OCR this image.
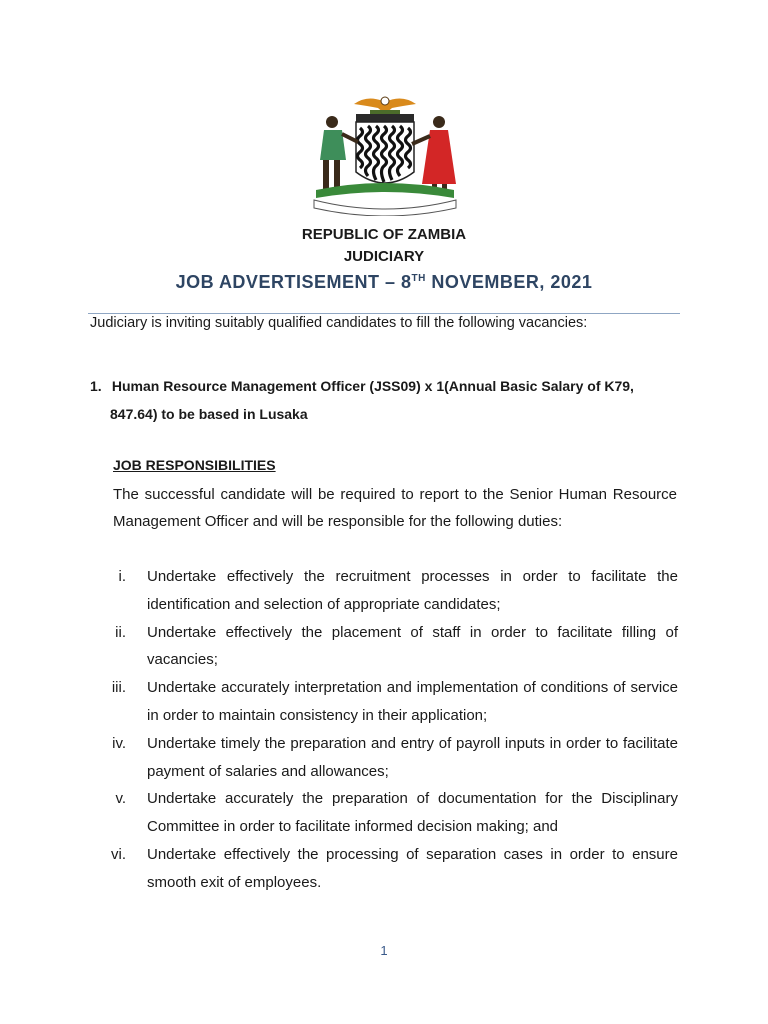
REPUBLIC OF ZAMBIA
JUDICIARY
JOB ADVERTISEMENT – 8TH NOVEMBER, 2021
Judiciary is inviting suitably qualified candidates to fill the following vacancies:
1. Human Resource Management Officer (JSS09) x 1(Annual Basic Salary of K79,
847.64) to be based in Lusaka
JOB RESPONSIBILITIES
The successful candidate will be required to report to the Senior Human Resource Management Officer and will be responsible for the following duties:
i. Undertake effectively the recruitment processes in order to facilitate the identification and selection of appropriate candidates;
ii. Undertake effectively the placement of staff in order to facilitate filling of vacancies;
iii. Undertake accurately interpretation and implementation of conditions of service in order to maintain consistency in their application;
iv. Undertake timely the preparation and entry of payroll inputs in order to facilitate payment of salaries and allowances;
v. Undertake accurately the preparation of documentation for the Disciplinary Committee in order to facilitate informed decision making; and
vi. Undertake effectively the processing of separation cases in order to ensure smooth exit of employees.
1
